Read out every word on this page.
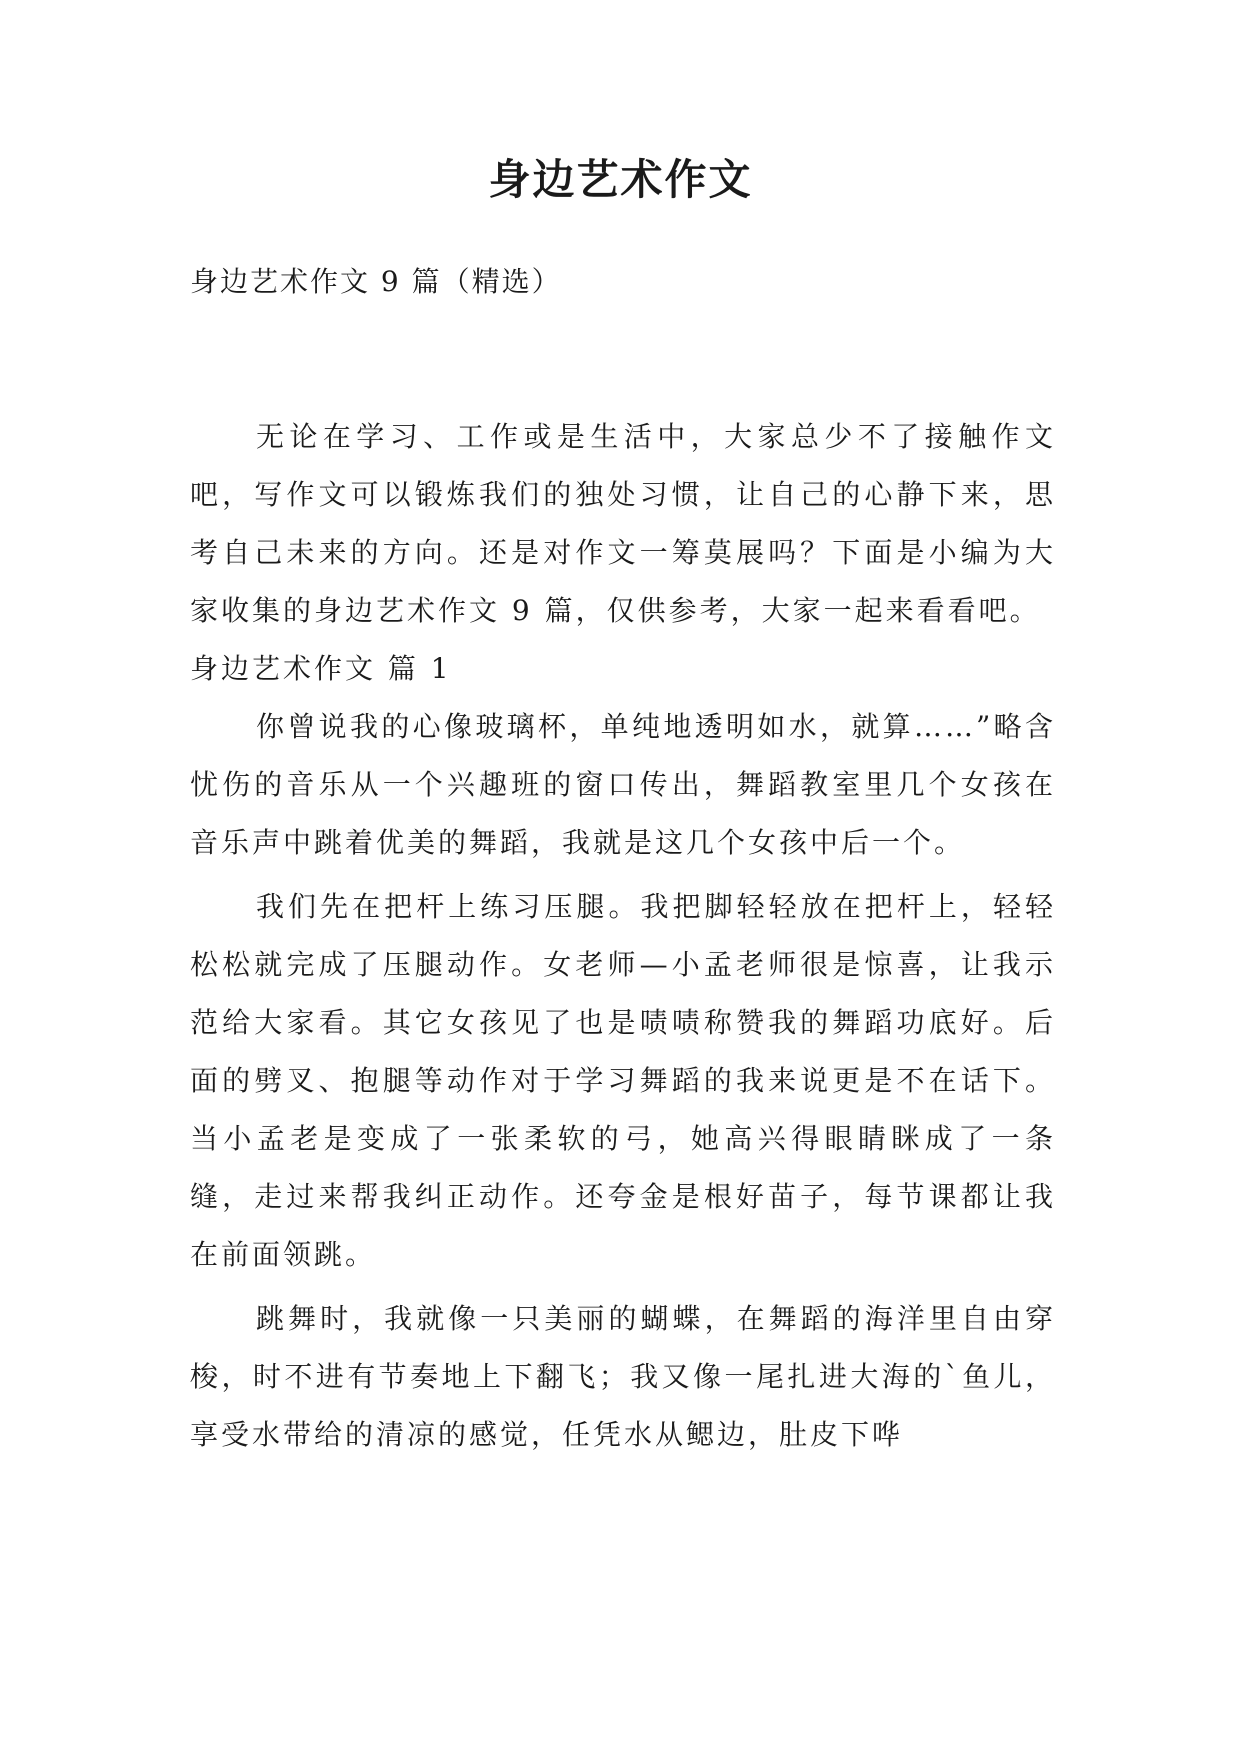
身边艺术作文

身边艺术作文 9 篇（精选）

无论在学习、工作或是生活中，大家总少不了接触作文吧，写作文可以锻炼我们的独处习惯，让自己的心静下来，思考自己未来的方向。还是对作文一筹莫展吗？下面是小编为大家收集的身边艺术作文 9 篇，仅供参考，大家一起来看看吧。

身边艺术作文 篇 1

你曾说我的心像玻璃杯，单纯地透明如水，就算……”略含忧伤的音乐从一个兴趣班的窗口传出，舞蹈教室里几个女孩在音乐声中跳着优美的舞蹈，我就是这几个女孩中后一个。

我们先在把杆上练习压腿。我把脚轻轻放在把杆上，轻轻松松就完成了压腿动作。女老师—小孟老师很是惊喜，让我示范给大家看。其它女孩见了也是啧啧称赞我的舞蹈功底好。后面的劈叉、抱腿等动作对于学习舞蹈的我来说更是不在话下。当小孟老是变成了一张柔软的弓，她高兴得眼睛眯成了一条缝，走过来帮我纠正动作。还夸金是根好苗子，每节课都让我在前面领跳。

跳舞时，我就像一只美丽的蝴蝶，在舞蹈的海洋里自由穿梭，时不进有节奏地上下翻飞；我又像一尾扎进大海的`鱼儿，享受水带给的清凉的感觉，任凭水从鳃边，肚皮下哗
